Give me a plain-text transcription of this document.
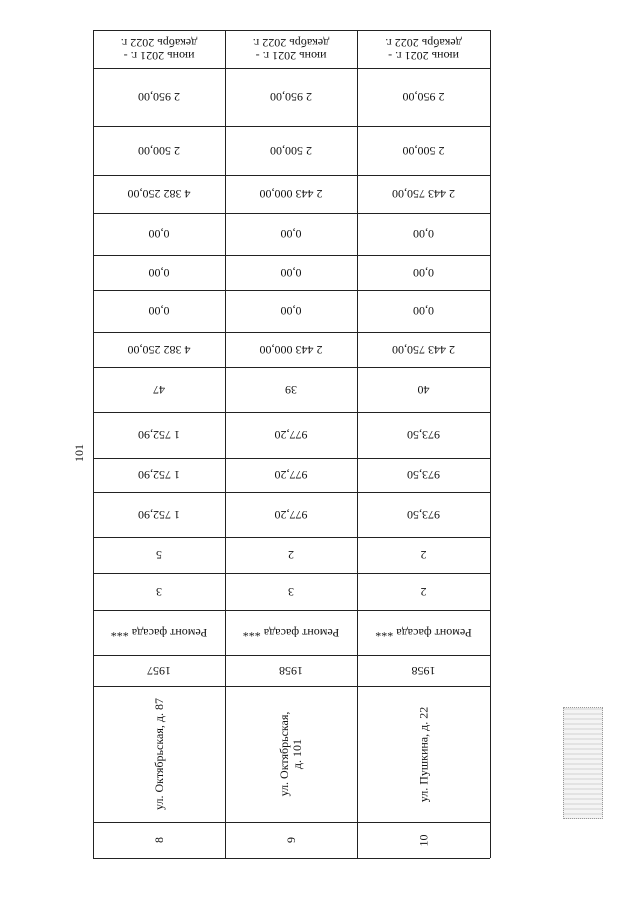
101
июнь 2021 г. -
декабрь 2022 г.
2 950,00
2 500,00
4 382 250,00
0,00
0,00
0,00
4 382 250,00
47
1 752,90
1 752,90
1 752,90
5
3
Ремонт фасада ***
1957
ул. Октябрьская, д. 87
8
июнь 2021 г. -
декабрь 2022 г.
2 950,00
2 500,00
2 443 000,00
0,00
0,00
0,00
2 443 000,00
39
977,20
977,20
977,20
2
3
Ремонт фасада ***
1958
ул. Октябрьская,
д. 101
9
июнь 2021 г. -
декабрь 2022 г.
2 950,00
2 500,00
2 443 750,00
0,00
0,00
0,00
2 443 750,00
40
973,50
973,50
973,50
2
2
Ремонт фасада ***
1958
ул. Пушкина, д. 22
10
